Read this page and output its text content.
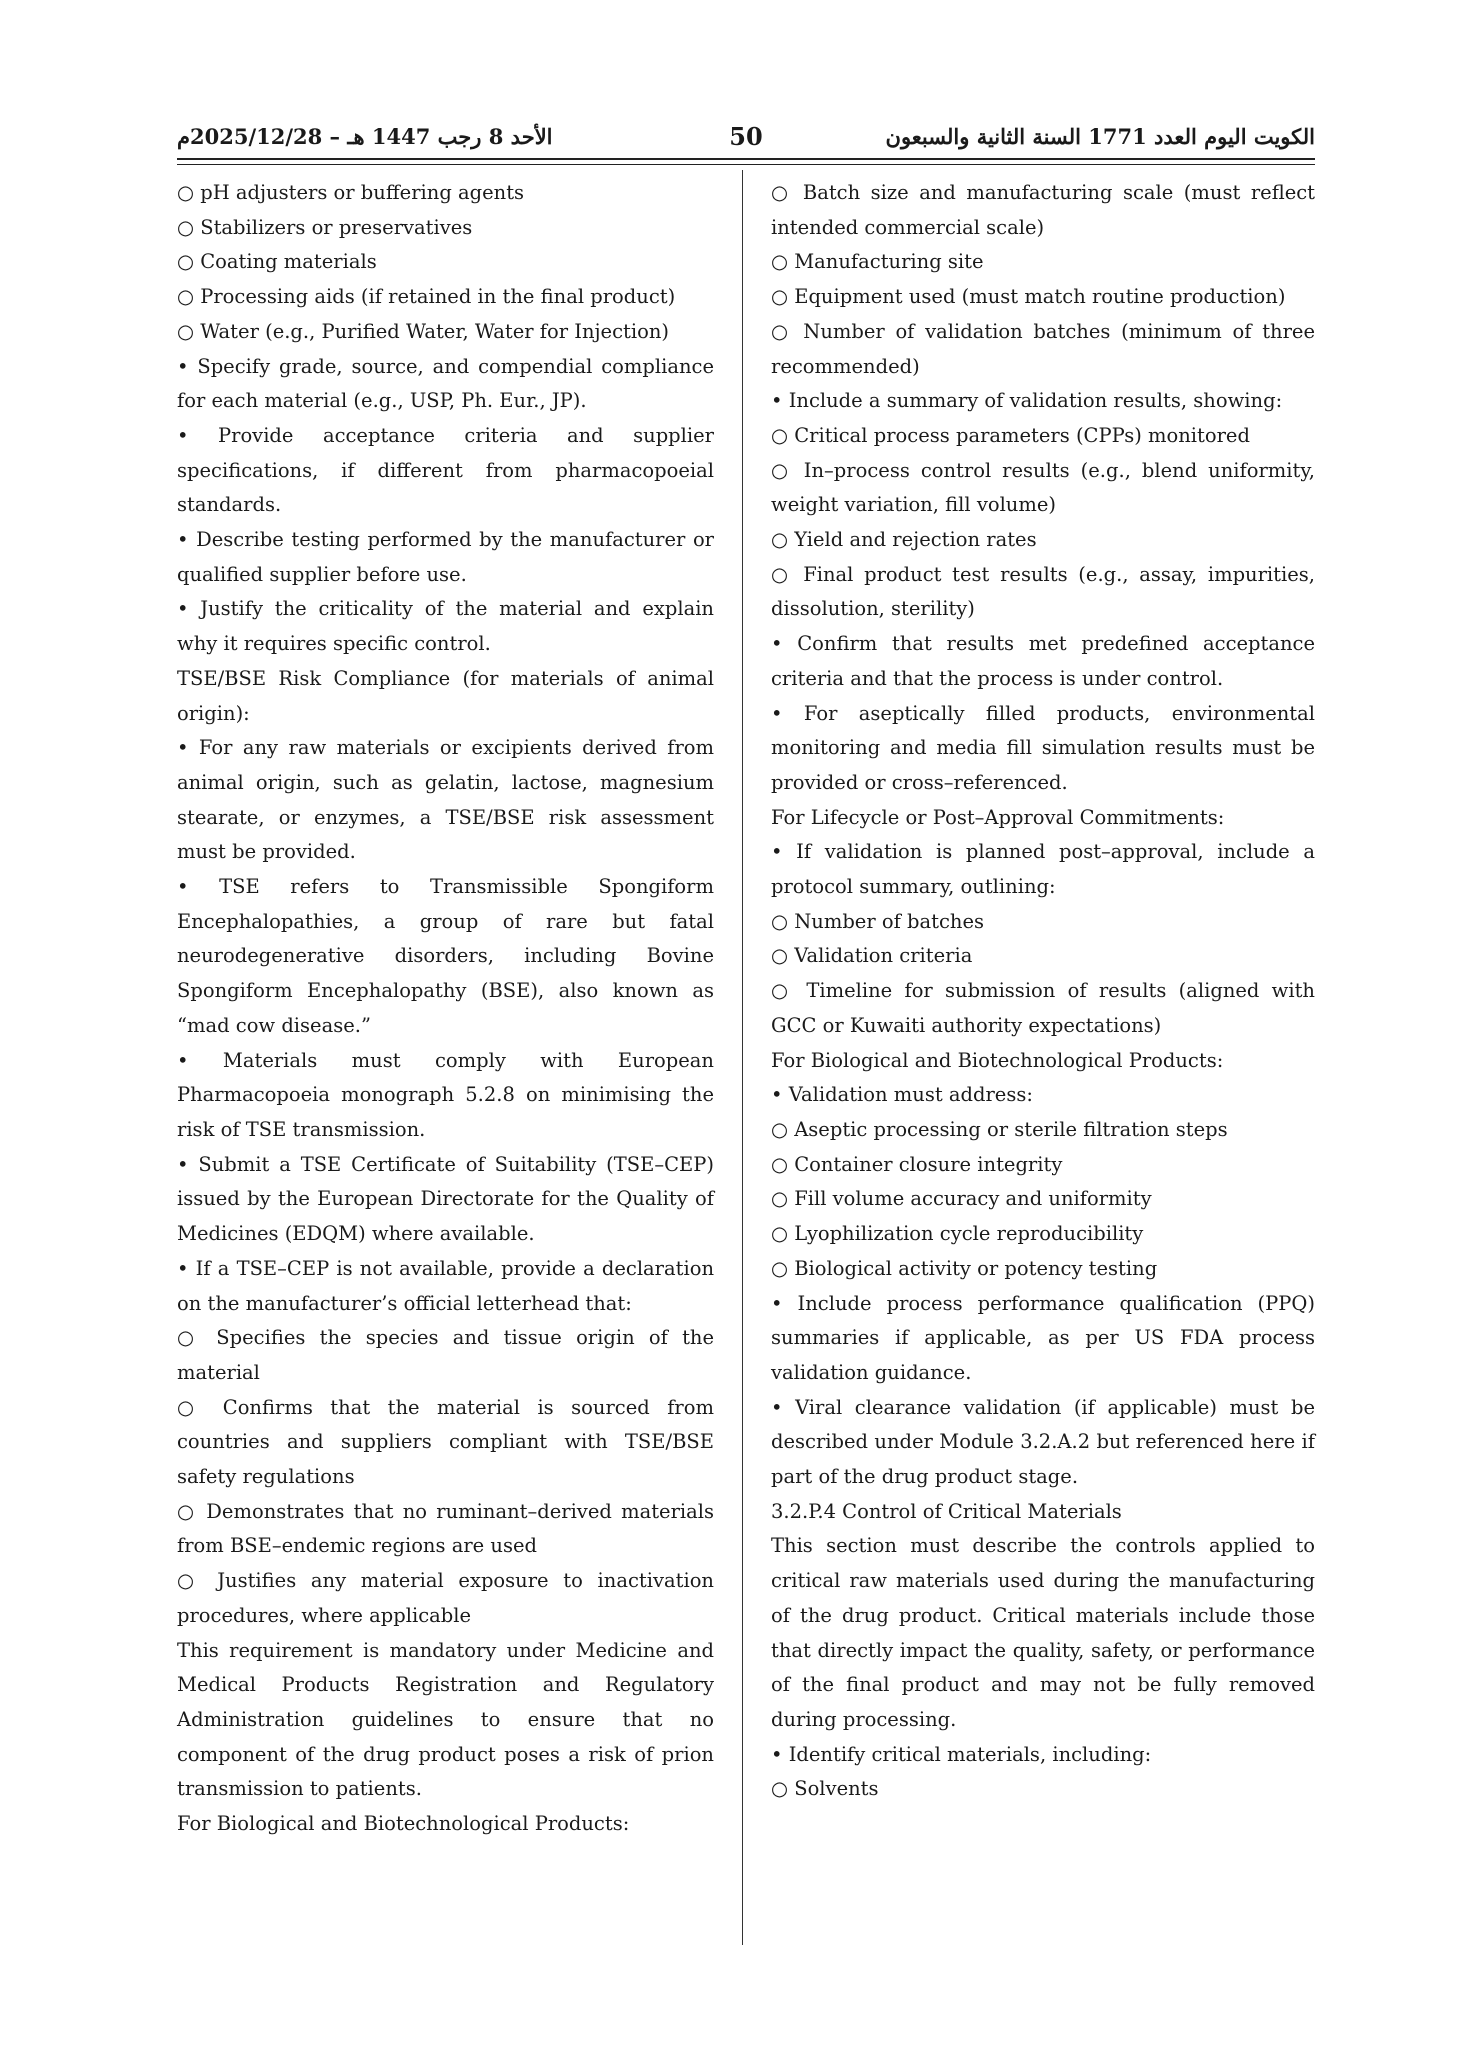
الكويت اليوم العدد 1771 السنة الثانية والسبعون
50
الأحد 8 رجب 1447 هـ – 2025/12/28م

○ pH adjusters or buffering agents

○ Stabilizers or preservatives

○ Coating materials

○ Processing aids (if retained in the final product)

○ Water (e.g., Purified Water, Water for Injection)

• Specify grade, source, and compendial compliance for each material (e.g., USP, Ph. Eur., JP).

• Provide acceptance criteria and supplier specifications, if different from pharmacopoeial standards.

• Describe testing performed by the manufacturer or qualified supplier before use.

• Justify the criticality of the material and explain why it requires specific control.

TSE/BSE Risk Compliance (for materials of animal origin):

• For any raw materials or excipients derived from animal origin, such as gelatin, lactose, magnesium stearate, or enzymes, a TSE/BSE risk assessment must be provided.

• TSE refers to Transmissible Spongiform Encephalopathies, a group of rare but fatal neurodegenerative disorders, including Bovine Spongiform Encephalopathy (BSE), also known as “mad cow disease.”

• Materials must comply with European Pharmacopoeia monograph 5.2.8 on minimising the risk of TSE transmission.

• Submit a TSE Certificate of Suitability (TSE–CEP) issued by the European Directorate for the Quality of Medicines (EDQM) where available.

• If a TSE–CEP is not available, provide a declaration on the manufacturer’s official letterhead that:

○ Specifies the species and tissue origin of the material

○ Confirms that the material is sourced from countries and suppliers compliant with TSE/BSE safety regulations

○ Demonstrates that no ruminant–derived materials from BSE–endemic regions are used

○ Justifies any material exposure to inactivation procedures, where applicable

This requirement is mandatory under Medicine and Medical Products Registration and Regulatory Administration guidelines to ensure that no component of the drug product poses a risk of prion transmission to patients.

For Biological and Biotechnological Products:

○ Batch size and manufacturing scale (must reflect intended commercial scale)

○ Manufacturing site

○ Equipment used (must match routine production)

○ Number of validation batches (minimum of three recommended)

• Include a summary of validation results, showing:

○ Critical process parameters (CPPs) monitored

○ In–process control results (e.g., blend uniformity, weight variation, fill volume)

○ Yield and rejection rates

○ Final product test results (e.g., assay, impurities, dissolution, sterility)

• Confirm that results met predefined acceptance criteria and that the process is under control.

• For aseptically filled products, environmental monitoring and media fill simulation results must be provided or cross–referenced.

For Lifecycle or Post–Approval Commitments:

• If validation is planned post–approval, include a protocol summary, outlining:

○ Number of batches

○ Validation criteria

○ Timeline for submission of results (aligned with GCC or Kuwaiti authority expectations)

For Biological and Biotechnological Products:

• Validation must address:

○ Aseptic processing or sterile filtration steps

○ Container closure integrity

○ Fill volume accuracy and uniformity

○ Lyophilization cycle reproducibility

○ Biological activity or potency testing

• Include process performance qualification (PPQ) summaries if applicable, as per US FDA process validation guidance.

• Viral clearance validation (if applicable) must be described under Module 3.2.A.2 but referenced here if part of the drug product stage.

3.2.P.4 Control of Critical Materials

This section must describe the controls applied to critical raw materials used during the manufacturing of the drug product. Critical materials include those that directly impact the quality, safety, or performance of the final product and may not be fully removed during processing.

• Identify critical materials, including:

○ Solvents
